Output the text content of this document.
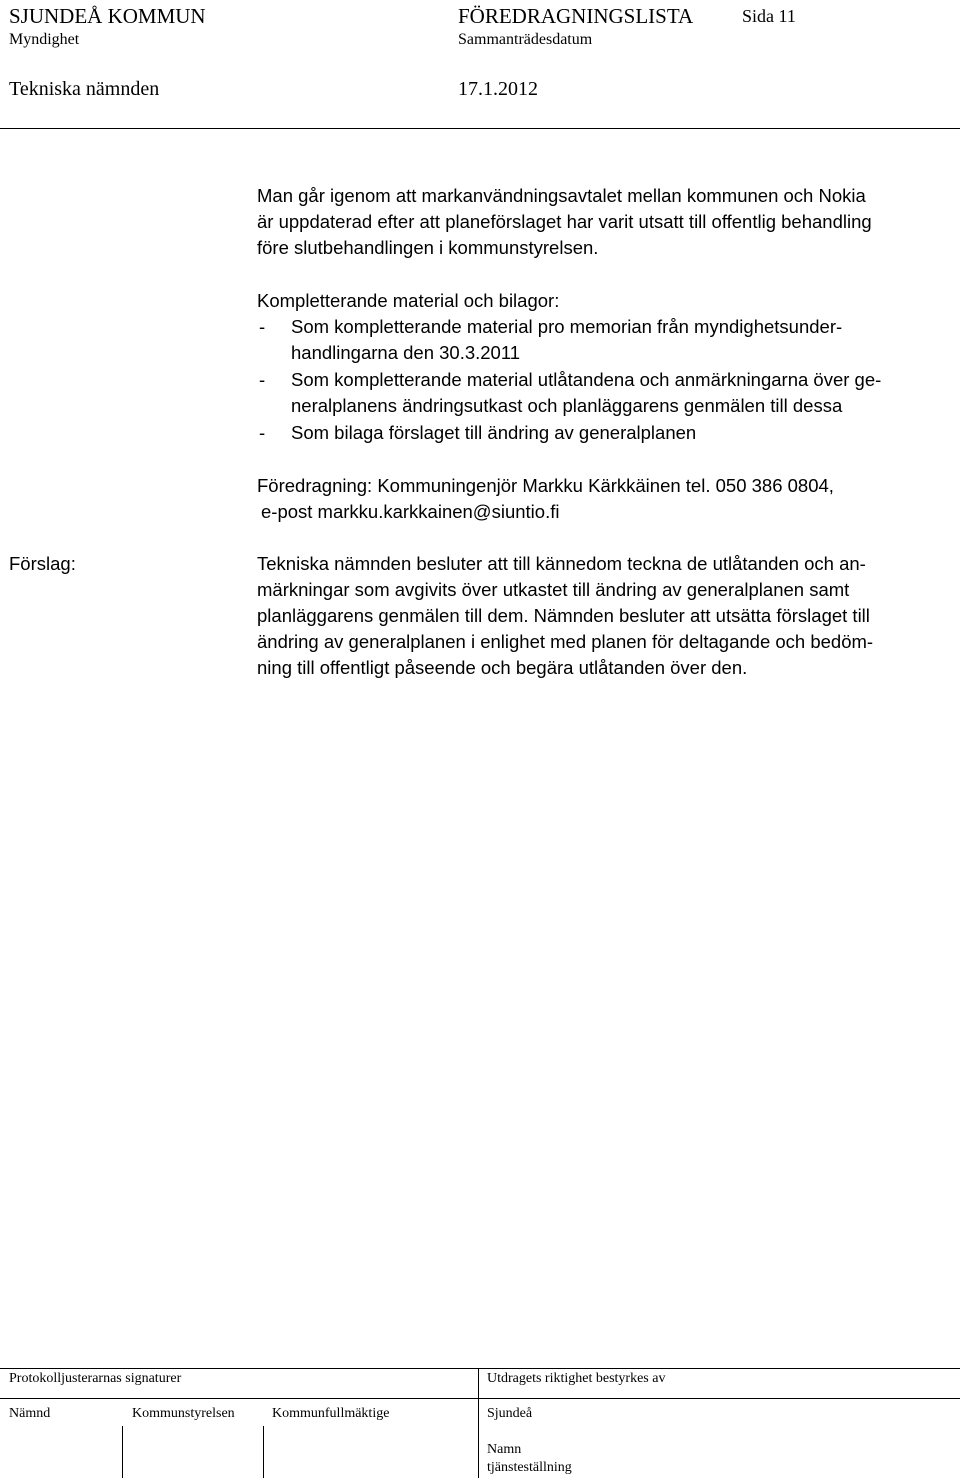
SJUNDEÅ KOMMUN	FÖREDRAGNINGSLISTA	Sida 11
Myndighet	Sammanträdesdatum
Tekniska nämnden	17.1.2012
Man går igenom att markanvändningsavtalet mellan kommunen och Nokia
är uppdaterad efter att planeförslaget har varit utsatt till offentlig behandling
före slutbehandlingen i kommunstyrelsen.
Kompletterande material och bilagor:
- Som kompletterande material pro memorian från myndighetsunder-
handlingarna den 30.3.2011
- Som kompletterande material utlåtandena och anmärkningarna över ge-
neralplanens ändringsutkast och planläggarens genmälen till dessa
- Som bilaga förslaget till ändring av generalplanen
Föredragning: Kommuningenjör Markku Kärkkäinen tel. 050 386 0804,
e-post markku.karkkainen@siuntio.fi
Förslag:	Tekniska nämnden besluter att till kännedom teckna de utlåtanden och an-
märkningar som avgivits över utkastet till ändring av generalplanen samt
planläggarens genmälen till dem. Nämnden besluter att utsätta förslaget till
ändring av generalplanen i enlighet med planen för deltagande och bedöm-
ning till offentligt påseende och begära utlåtanden över den.
Protokolljusterarnas signaturer	Utdragets riktighet bestyrkes av
Nämnd	Kommunstyrelsen	Kommunfullmäktige	Sjundeå
Namn
tjänsteställning
